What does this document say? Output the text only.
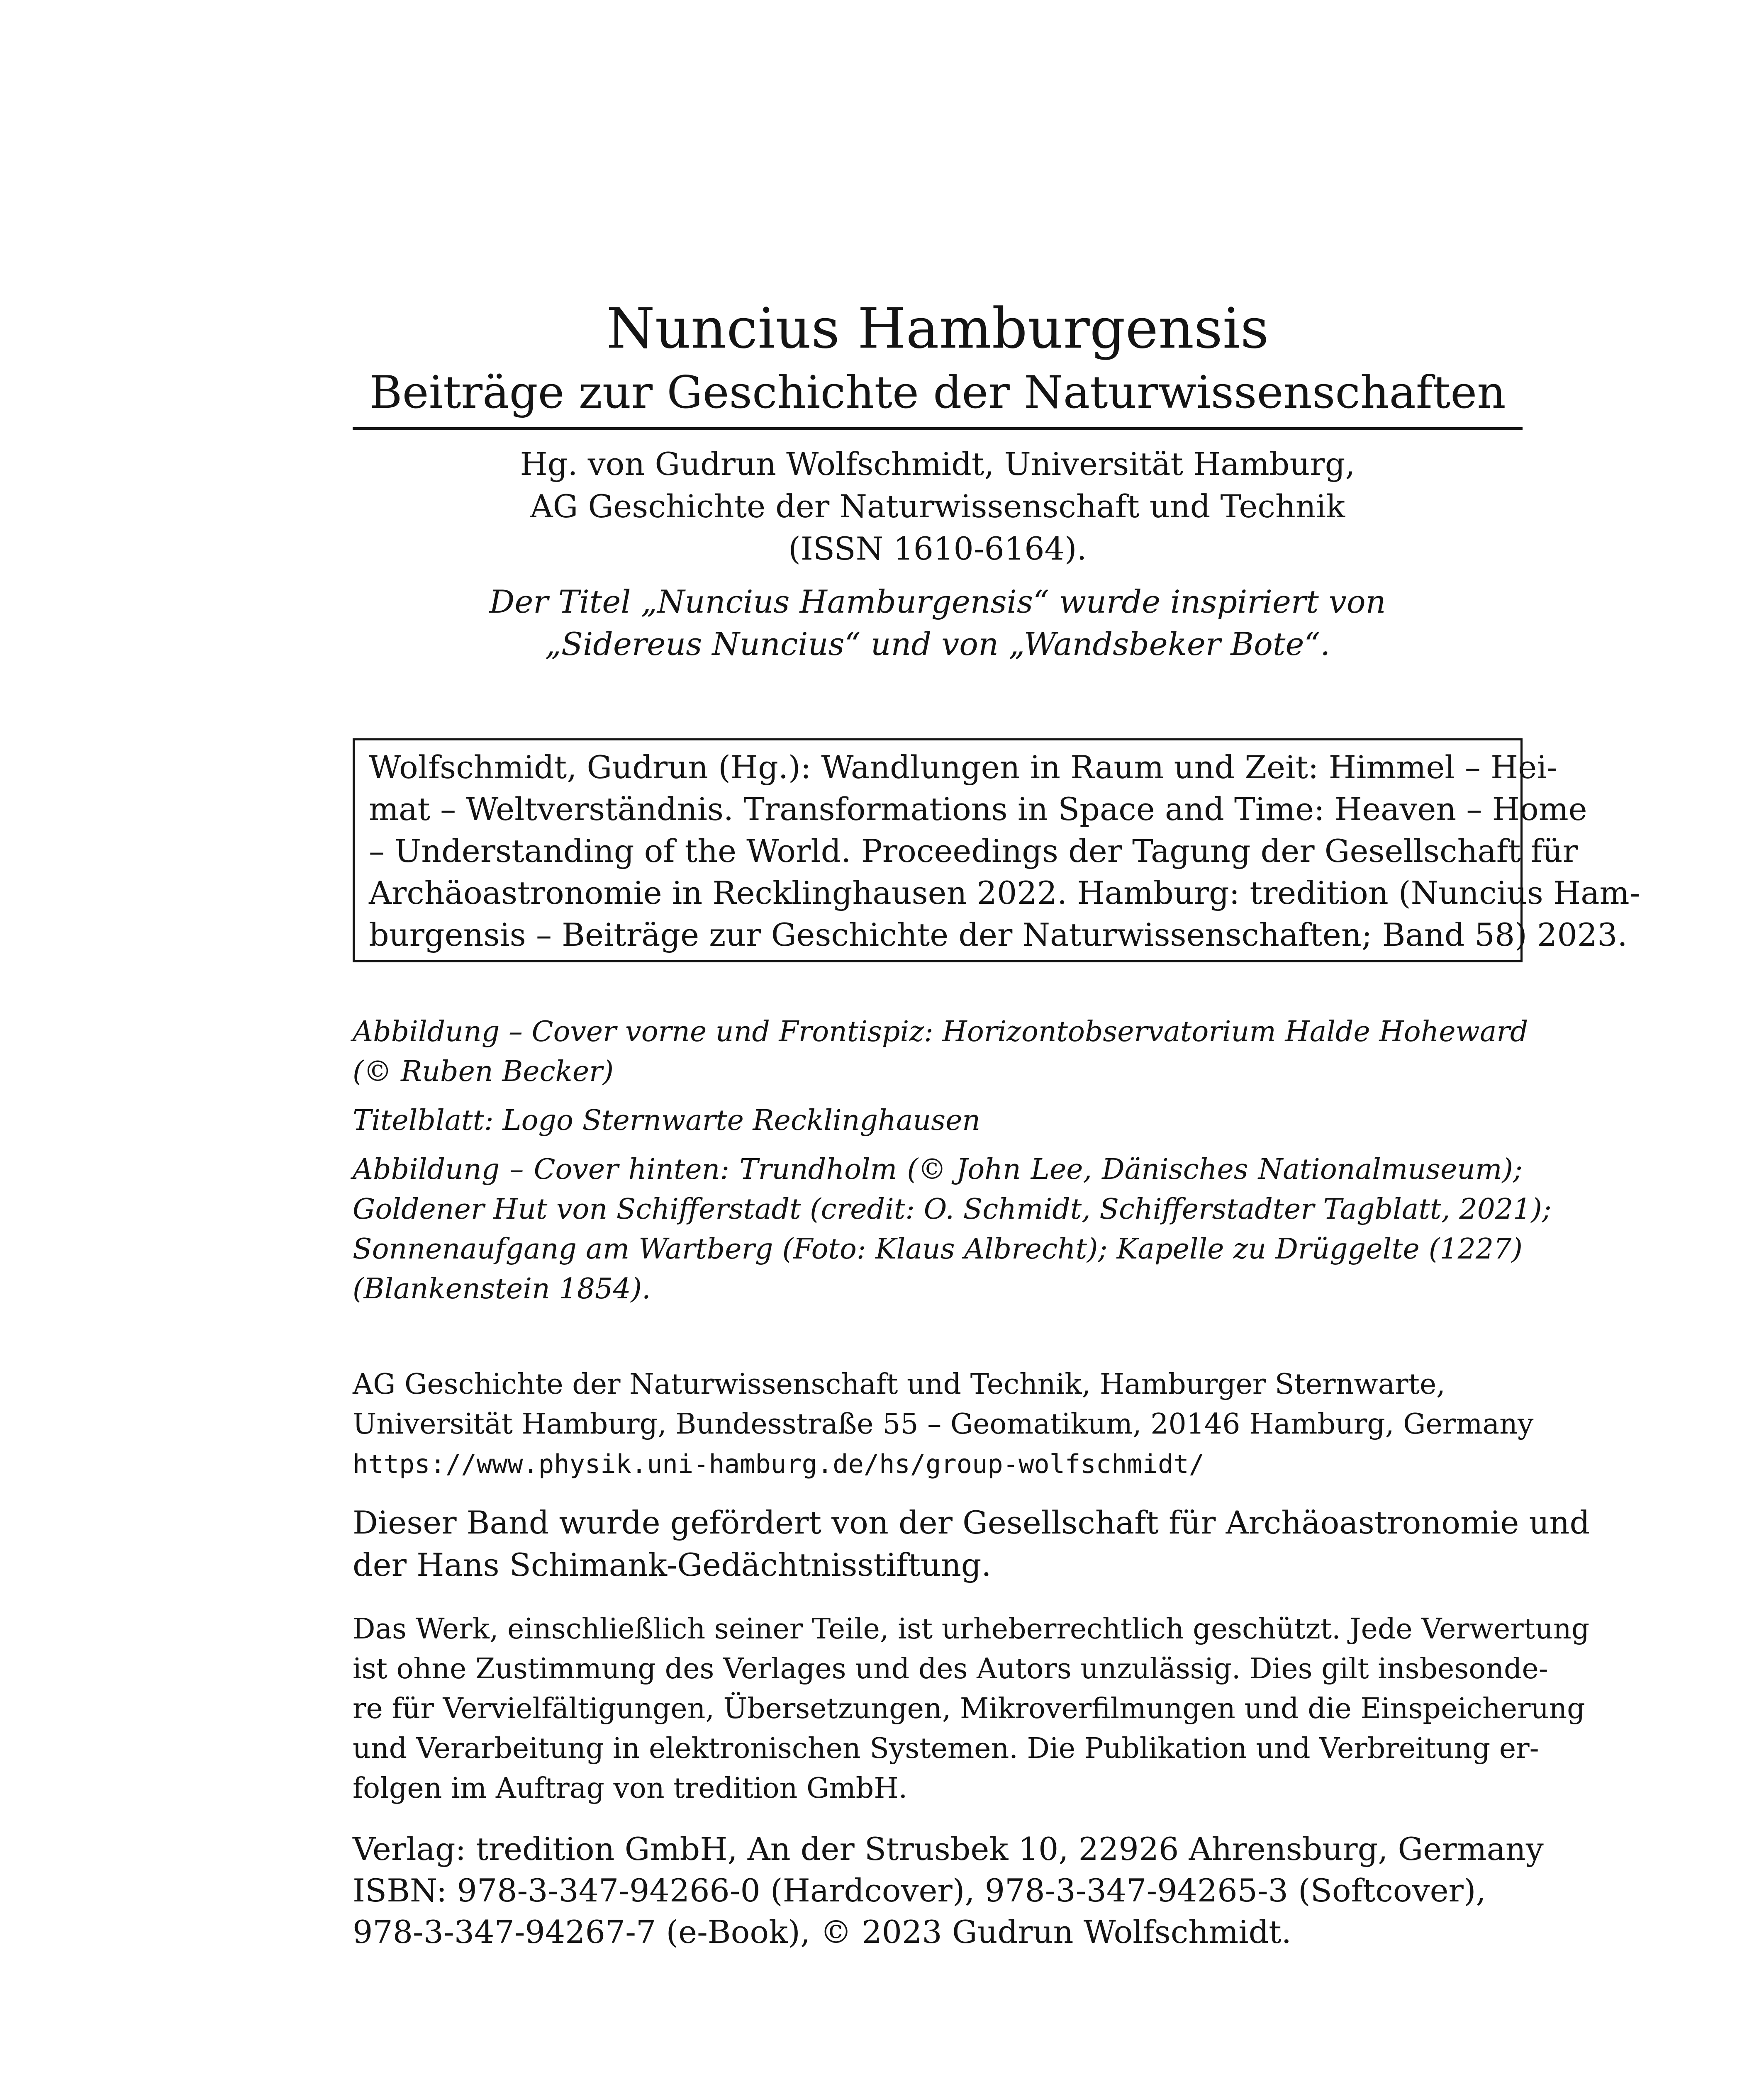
Nuncius Hamburgensis
Beiträge zur Geschichte der Naturwissenschaften
Hg. von Gudrun Wolfschmidt, Universität Hamburg,
AG Geschichte der Naturwissenschaft und Technik
(ISSN 1610-6164).
Der Titel „Nuncius Hamburgensis“ wurde inspiriert von
„Sidereus Nuncius“ und von „Wandsbeker Bote“.
Wolfschmidt, Gudrun (Hg.): Wandlungen in Raum und Zeit: Himmel – Hei-
mat – Weltverständnis. Transformations in Space and Time: Heaven – Home
– Understanding of the World. Proceedings der Tagung der Gesellschaft für
Archäoastronomie in Recklinghausen 2022. Hamburg: tredition (Nuncius Ham-
burgensis – Beiträge zur Geschichte der Naturwissenschaften; Band 58) 2023.

Abbildung – Cover vorne und Frontispiz: Horizontobservatorium Halde Hoheward
(© Ruben Becker)

Titelblatt: Logo Sternwarte Recklinghausen

Abbildung – Cover hinten: Trundholm (© John Lee, Dänisches Nationalmuseum);
Goldener Hut von Schifferstadt (credit: O. Schmidt, Schifferstadter Tagblatt, 2021);
Sonnenaufgang am Wartberg (Foto: Klaus Albrecht); Kapelle zu Drüggelte (1227)
(Blankenstein 1854).

AG Geschichte der Naturwissenschaft und Technik, Hamburger Sternwarte,
Universität Hamburg, Bundesstraße 55 – Geomatikum, 20146 Hamburg, Germany
https://www.physik.uni-hamburg.de/hs/group-wolfschmidt/
Dieser Band wurde gefördert von der Gesellschaft für Archäoastronomie und
der Hans Schimank-Gedächtnisstiftung.
Das Werk, einschließlich seiner Teile, ist urheberrechtlich geschützt. Jede Verwertung
ist ohne Zustimmung des Verlages und des Autors unzulässig. Dies gilt insbesonde-
re für Vervielfältigungen, Übersetzungen, Mikroverfilmungen und die Einspeicherung
und Verarbeitung in elektronischen Systemen. Die Publikation und Verbreitung er-
folgen im Auftrag von tredition GmbH.
Verlag: tredition GmbH, An der Strusbek 10, 22926 Ahrensburg, Germany
ISBN: 978-3-347-94266-0 (Hardcover), 978-3-347-94265-3 (Softcover),
978-3-347-94267-7 (e-Book), © 2023 Gudrun Wolfschmidt.
